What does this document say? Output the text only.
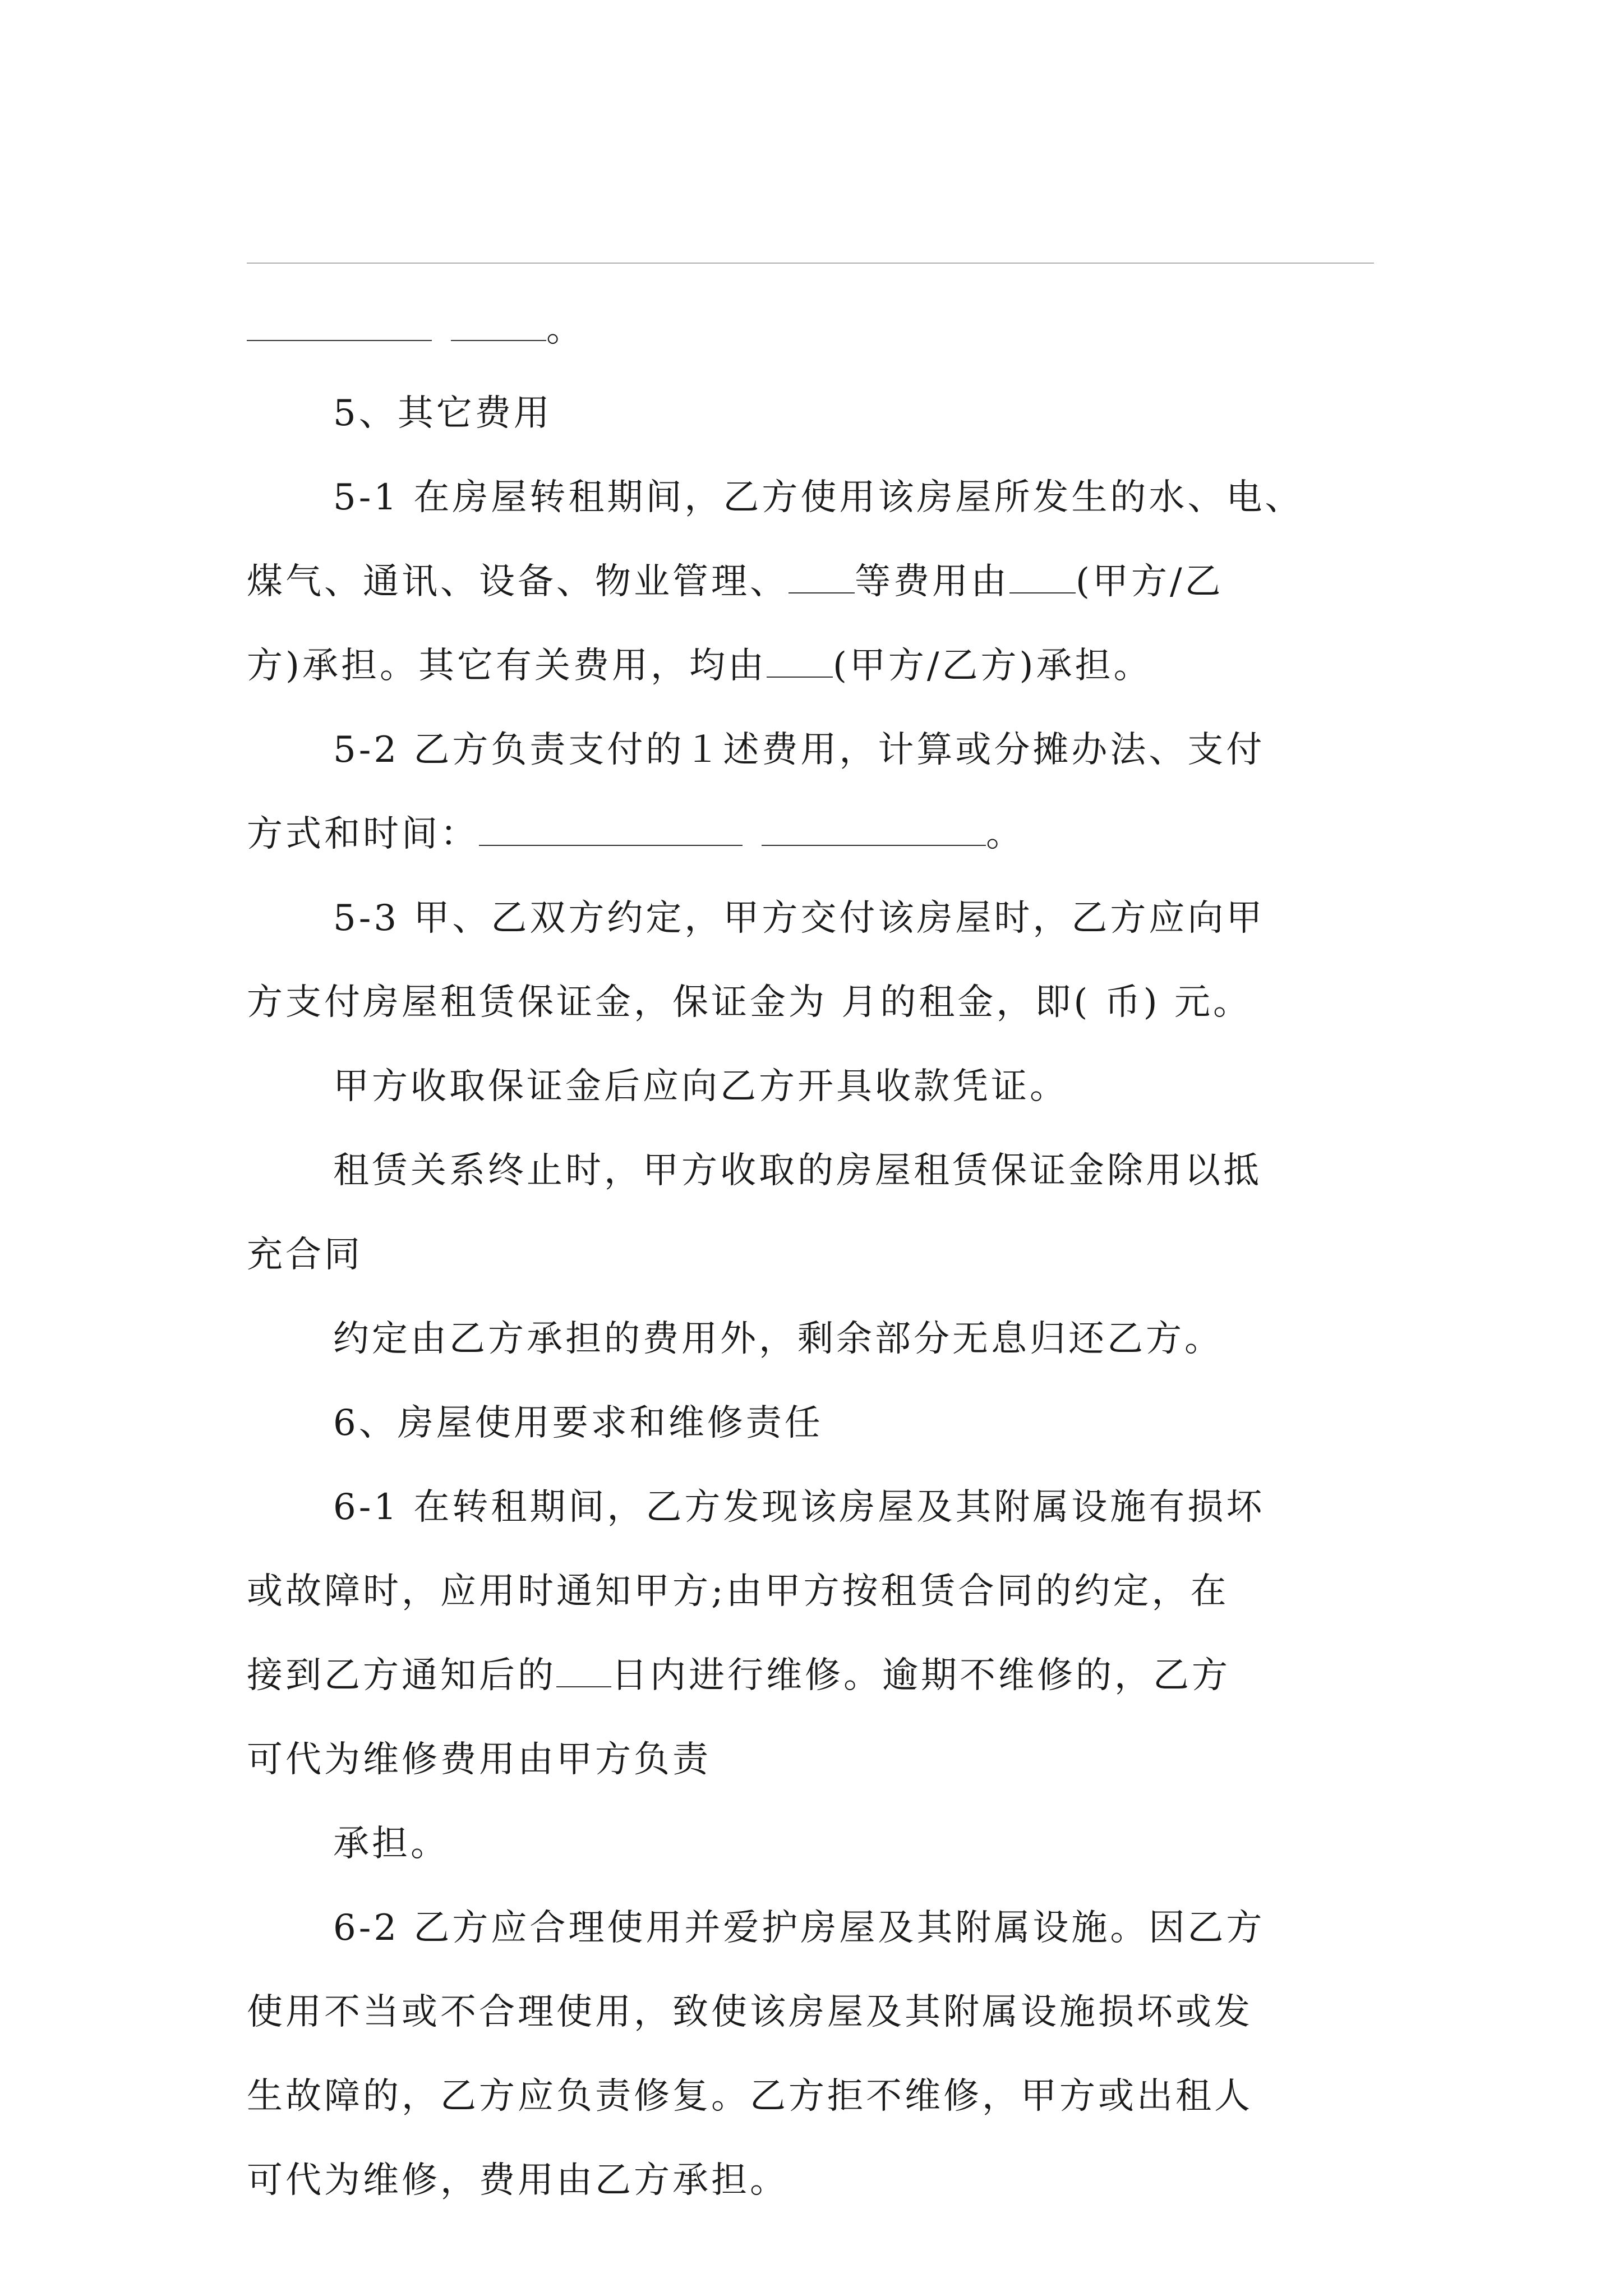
。
5、其它费用
5-1 在房屋转租期间，乙方使用该房屋所发生的水、电、
煤气、通讯、设备、物业管理、 等费用由 (甲方/乙
方)承担。其它有关费用，均由 (甲方/乙方)承担。
5-2 乙方负责支付的１述费用，计算或分摊办法、支付
方式和时间：	。
5-3 甲、乙双方约定，甲方交付该房屋时，乙方应向甲
方支付房屋租赁保证金，保证金为 月的租金，即( 币) 元。
甲方收取保证金后应向乙方开具收款凭证。
租赁关系终止时，甲方收取的房屋租赁保证金除用以抵
充合同
约定由乙方承担的费用外，剩余部分无息归还乙方。
6、房屋使用要求和维修责任
6-1 在转租期间，乙方发现该房屋及其附属设施有损坏
或故障时，应用时通知甲方;由甲方按租赁合同的约定，在
接到乙方通知后的 日内进行维修。逾期不维修的，乙方
可代为维修费用由甲方负责
承担。
6-2 乙方应合理使用并爱护房屋及其附属设施。因乙方
使用不当或不合理使用，致使该房屋及其附属设施损坏或发
生故障的，乙方应负责修复。乙方拒不维修，甲方或出租人
可代为维修，费用由乙方承担。
